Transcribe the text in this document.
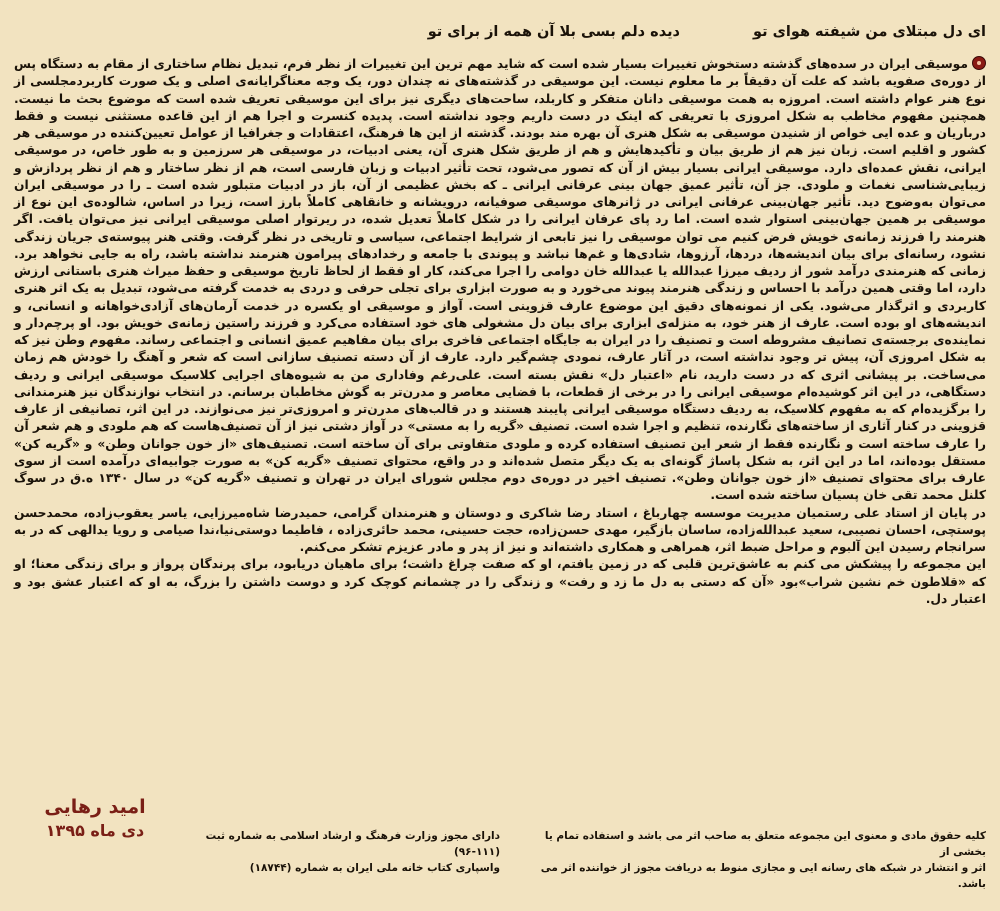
ای دل مبتلای من شیفته هوای تو
دیده دلم بسی بلا آن همه از برای تو

موسیقی ایران در سده‌های گذشته دستخوش تغییرات بسیار شده است که شاید مهم ترین این تغییرات از نظر فرم، تبدیل نظام ساختاری از مقام به دستگاه پس از دوره‌ی صفویه باشد که علت آن دقیقاً بر ما معلوم نیست. این موسیقی در گذشته‌های نه چندان دور، یک وجه معناگرایانه‌ی اصلی و یک صورت کاربردمجلسی از نوع هنر عوام داشته است. امروزه به همت موسیقی دانان متفکر و کاربلد، ساحت‌های دیگری نیز برای این موسیقی تعریف شده است که موضوع بحث ما نیست. همچنین مفهوم مخاطب به شکل امروزی با تعریفی که اینک در دست داریم وجود نداشته است. پدیده کنسرت و اجرا هم از این قاعده مستثنی نیست و فقط درباریان و عده ایی خواص از شنیدن موسیقی به شکل هنری آن بهره مند بودند. گذشته از این ها فرهنگ، اعتقادات و جغرافیا از عوامل تعیین‌کننده در موسیقی هر کشور و اقلیم است. زبان نیز هم از طریق بیان و تأکیدهایش و هم از طریق شکل هنری آن، یعنی ادبیات، در موسیقی هر سرزمین و به طور خاص، در موسیقی ایرانی، نقش عمده‌ای دارد. موسیقی ایرانی بسیار بیش از آن که تصور می‌شود، تحت تأثیر ادبیات و زبان فارسی است، هم از نظر ساختار و هم از نظر پردازش و زیبایی‌شناسی نغمات و ملودی. جز آن، تأثیر عمیق جهان بینی عرفانی ایرانی ـ که بخش عظیمی از آن، باز در ادبیات متبلور شده است ـ را در موسیقی ایران می‌توان به‌وضوح دید. تأثیر جهان‌بینی عرفانی ایرانی در ژانرهای موسیقی صوفیانه، درویشانه و خانقاهی کاملاً بارز است، زیرا در اساس، شالوده‌ی این نوع از موسیقی بر همین جهان‌بینی استوار شده است. اما رد پای عرفان ایرانی را در شکل کاملاً تعدیل شده، در ریرتوار اصلی موسیقی ایرانی نیز می‌توان یافت. اگر هنرمند را فرزند زمانه‌ی خویش فرض کنیم می توان موسیقی را نیز تابعی از شرایط اجتماعی، سیاسی و تاریخی در نظر گرفت. وقتی هنر پیوسته‌ی جریان زندگی نشود، رسانه‌ای برای بیان اندیشه‌ها، دردها، آرزوها، شادی‌ها و غم‌ها نباشد و پیوندی با جامعه و رخدادهای پیرامون هنرمند نداشته باشد، راه به جایی نخواهد برد. زمانی که هنرمندی درآمد شور از ردیف میرزا عبدالله یا عبدالله خان دوامی را اجرا می‌کند، کار او فقط از لحاظ تاریخ موسیقی و حفظ میراث هنری باستانی ارزش دارد، اما وقتی همین درآمد با احساس و زندگی هنرمند پیوند می‌خورد و به صورت ابزاری برای تجلی حرفی و دردی به خدمت گرفته می‌شود، تبدیل به یک اثر هنری کاربردی و اثرگذار می‌شود. یکی از نمونه‌های دقیق این موضوع عارف قزوینی است. آواز و موسیقی او یکسره در خدمت آرمان‌های آزادی‌خواهانه و انسانی، و اندیشه‌های او بوده است. عارف از هنر خود، به منزله‌ی ابزاری برای بیان دل مشغولی های خود استفاده می‌کرد و فرزند راستین زمانه‌ی خویش بود. او پرچم‌دار و نماینده‌ی برجسته‌ی تصانیف مشروطه است و تصنیف را در ایران به جایگاه اجتماعی فاخری برای بیان مفاهیم عمیق انسانی و اجتماعی رساند. مفهوم وطن نیز که به شکل امروزی آن، پیش تر وجود نداشته است، در آثار عارف، نمودی چشم‌گیر دارد. عارف از آن دسته تصنیف سازانی است که شعر و آهنگ را خودش هم زمان می‌ساخت. بر پیشانی اثری که در دست دارید، نام «اعتبار دل» نقش بسته است. علی‌رغم وفاداری من به شیوه‌های اجرایی کلاسیک موسیقی ایرانی و ردیف دستگاهی، در این اثر کوشیده‌ام موسیقی ایرانی را در برخی از قطعات، با فضایی معاصر و مدرن‌تر به گوش مخاطبان برسانم. در انتخاب نوازندگان نیز هنرمندانی را برگزیده‌ام که به مفهوم کلاسیک، به ردیف دستگاه موسیقی ایرانی پایبند هستند و در قالب‌های مدرن‌تر و امروزی‌تر نیز می‌نوازند. در این اثر، تصانیفی از عارف قزوینی در کنار آثاری از ساخته‌های نگارنده، تنظیم و اجرا شده است. تصنیف «گریه را به مستی» در آواز دشتی نیز از آن تصنیف‌هاست که هم ملودی و هم شعر آن را عارف ساخته است و نگارنده فقط از شعر این تصنیف استفاده کرده و ملودی متفاوتی برای آن ساخته است. تصنیف‌های «از خون جوانان وطن» و «گریه کن» مستقل بوده‌اند، اما در این اثر، به شکل پاساژ گونه‌ای به یک دیگر متصل شده‌اند و در واقع، محتوای تصنیف «گریه کن» به صورت جوابیه‌ای درآمده است از سوی عارف برای محتوای تصنیف «از خون جوانان وطن». تصنیف اخیر در دوره‌ی دوم مجلس شورای ایران در تهران و تصنیف «گریه کن» در سال ۱۳۴۰ ه.ق در سوگ کلنل محمد تقی خان پسیان ساخته شده است.

در پایان از استاد علی رستمیان مدیریت موسسه چهارباغ ، استاد رضا شاکری و دوستان و هنرمندان گرامی، حمیدرضا شاه‌میرزایی، یاسر یعقوب‌زاده، محمدحسن پوستچی، احسان نصیبی، سعید عبدالله‌زاده، ساسان بازگیر، مهدی حسن‌زاده، حجت حسینی، محمد حائری‌زاده ، فاطیما دوستی‌نیا،ندا صیامی و رویا یدالهی که در به سرانجام رسیدن این آلبوم و مراحل ضبط اثر، همراهی و همکاری داشته‌اند و نیز از پدر و مادر عزیزم تشکر می‌کنم.

این مجموعه را پیشکش می کنم به عاشق‌ترین قلبی که در زمین یافتم، او که صفت چراغ داشت؛ برای ماهیان دریابود، برای پرندگان پرواز و برای زندگی معنا؛ او که «قلاطون خم نشین شراب»بود «آن که دستی به دل ما زد و رفت» و زندگی را در چشمانم کوچک کرد و دوست داشتن را بزرگ، به او که اعتبار عشق بود و اعتبار دل.

امید رهایی
دی ماه ۱۳۹۵	کلیه حقوق مادی و معنوی این مجموعه متعلق به صاحب اثر می باشد و استفاده تمام یا بخشی از

اثر و انتشار در شبکه های رسانه ایی و مجازی منوط به دریافت مجوز از خواننده اثر می باشد.

دارای مجوز وزارت فرهنگ و ارشاد اسلامی به شماره ثبت (۱۱۱-۹۶)

واسپاری کتاب خانه ملی ایران به شماره (۱۸۷۴۴)
